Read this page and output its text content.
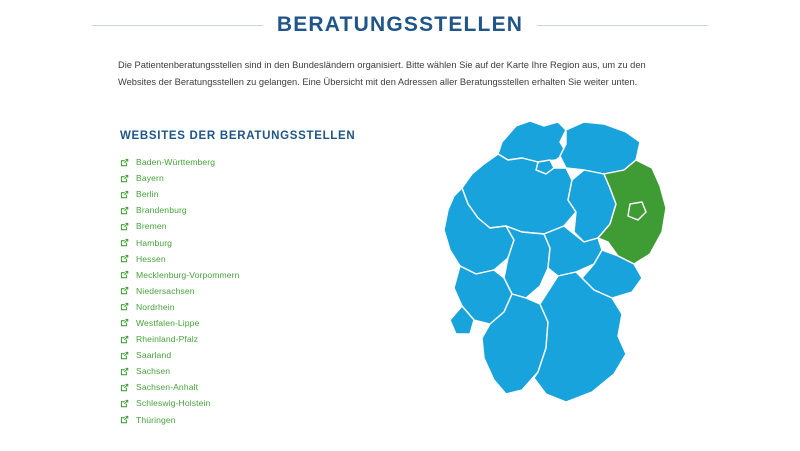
BERATUNGSSTELLEN
Die Patientenberatungsstellen sind in den Bundesländern organisiert. Bitte wählen Sie auf der Karte Ihre Region aus, um zu den Websites der Beratungsstellen zu gelangen. Eine Übersicht mit den Adressen aller Beratungsstellen erhalten Sie weiter unten.
WEBSITES DER BERATUNGSSTELLEN
Baden-Württemberg
Bayern
Berlin
Brandenburg
Bremen
Hamburg
Hessen
Mecklenburg-Vorpommern
Niedersachsen
Nordrhein
Westfalen-Lippe
Rheinland-Pfalz
Saarland
Sachsen
Sachsen-Anhalt
Schleswig-Holstein
Thüringen
